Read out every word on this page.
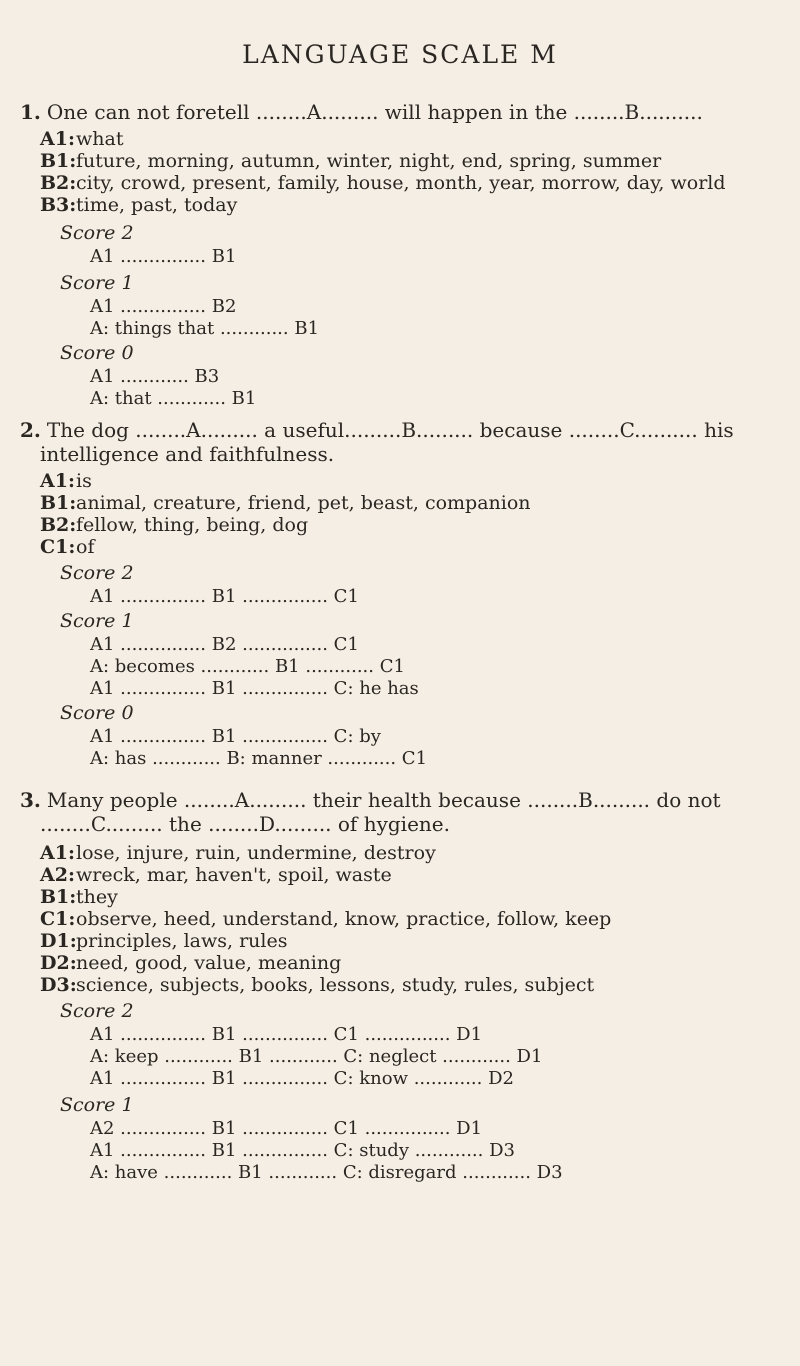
LANGUAGE SCALE M
1. One can not foretell ........A......... will happen in the ........B..........
A1:what
B1:future, morning, autumn, winter, night, end, spring, summer
B2:city, crowd, present, family, house, month, year, morrow, day, world
B3:time, past, today
Score 2
A1 ............... B1
Score 1
A1 ............... B2
A: things that ............ B1
Score 0
A1 ............ B3
A: that ............ B1
2. The dog ........A......... a useful.........B......... because ........C.......... his
intelligence and faithfulness.
A1:is
B1:animal, creature, friend, pet, beast, companion
B2:fellow, thing, being, dog
C1:of
Score 2
A1 ............... B1 ............... C1
Score 1
A1 ............... B2 ............... C1
A: becomes ............ B1 ............ C1
A1 ............... B1 ............... C: he has
Score 0
A1 ............... B1 ............... C: by
A: has ............ B: manner ............ C1
3. Many people ........A......... their health because ........B......... do not
........C......... the ........D......... of hygiene.
A1:lose, injure, ruin, undermine, destroy
A2:wreck, mar, haven't, spoil, waste
B1:they
C1:observe, heed, understand, know, practice, follow, keep
D1:principles, laws, rules
D2:need, good, value, meaning
D3:science, subjects, books, lessons, study, rules, subject
Score 2
A1 ............... B1 ............... C1 ............... D1
A: keep ............ B1 ............ C: neglect ............ D1
A1 ............... B1 ............... C: know ............ D2
Score 1
A2 ............... B1 ............... C1 ............... D1
A1 ............... B1 ............... C: study ............ D3
A: have ............ B1 ............ C: disregard ............ D3
